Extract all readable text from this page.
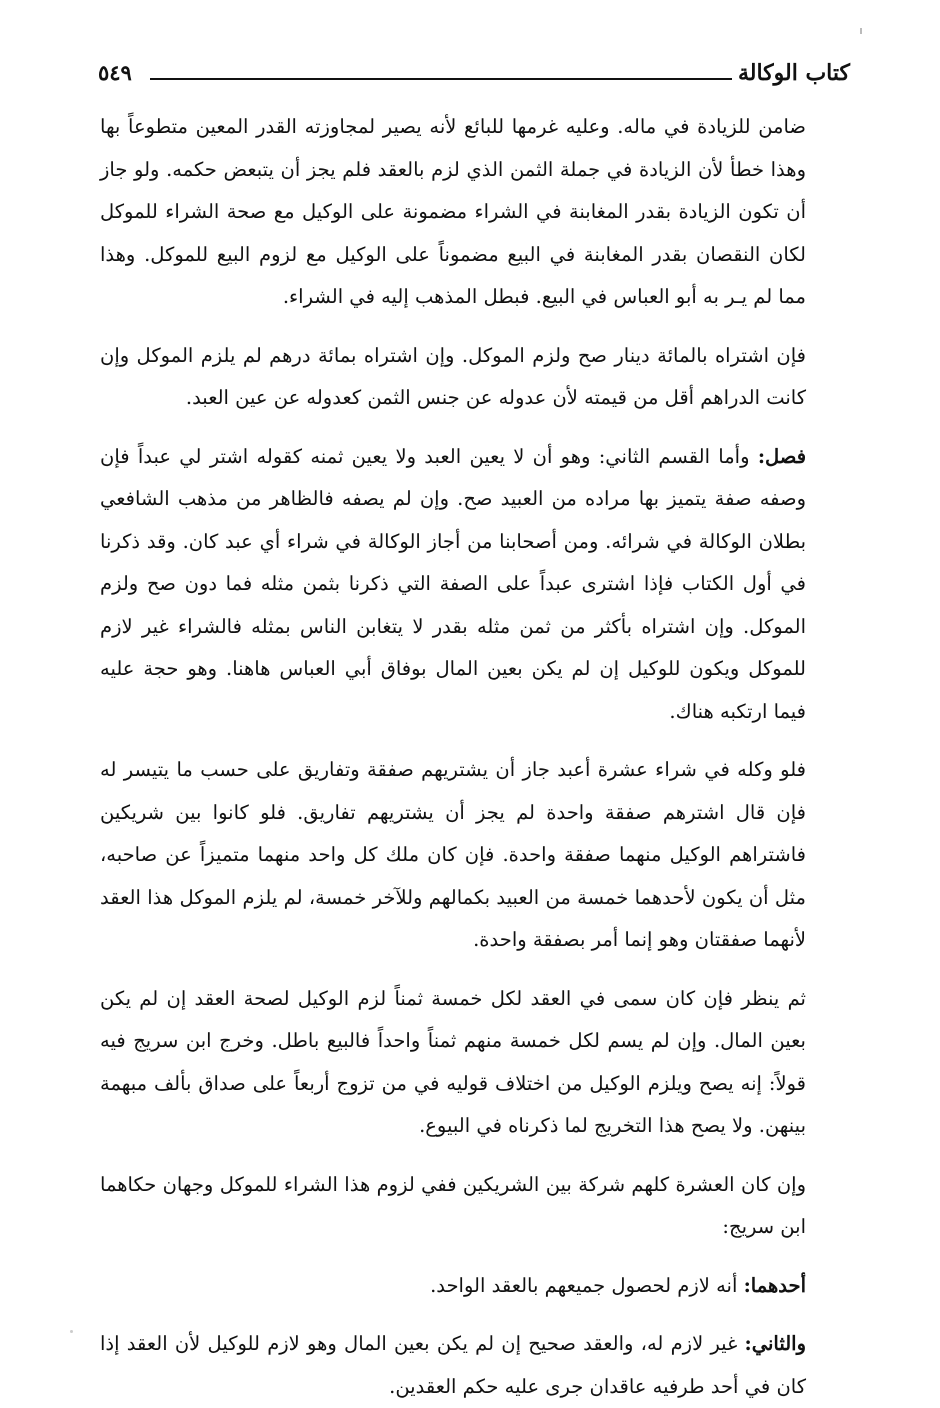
كتاب الوكالة
٥٤٩

ضامن للزيادة في ماله. وعليه غرمها للبائع لأنه يصير لمجاوزته القدر المعين متطوعاً بها وهذا خطأ لأن الزيادة في جملة الثمن الذي لزم بالعقد فلم يجز أن يتبعض حكمه. ولو جاز أن تكون الزيادة بقدر المغابنة في الشراء مضمونة على الوكيل مع صحة الشراء للموكل لكان النقصان بقدر المغابنة في البيع مضموناً على الوكيل مع لزوم البيع للموكل. وهذا مما لم يـر به أبو العباس في البيع. فبطل المذهب إليه في الشراء.

فإن اشتراه بالمائة دينار صح ولزم الموكل. وإن اشتراه بمائة درهم لم يلزم الموكل وإن كانت الدراهم أقل من قيمته لأن عدوله عن جنس الثمن كعدوله عن عين العبد.

فصل: وأما القسم الثاني: وهو أن لا يعين العبد ولا يعين ثمنه كقوله اشتر لي عبداً فإن وصفه صفة يتميز بها مراده من العبيد صح. وإن لم يصفه فالظاهر من مذهب الشافعي بطلان الوكالة في شرائه. ومن أصحابنا من أجاز الوكالة في شراء أي عبد كان. وقد ذكرنا في أول الكتاب فإذا اشترى عبداً على الصفة التي ذكرنا بثمن مثله فما دون صح ولزم الموكل. وإن اشتراه بأكثر من ثمن مثله بقدر لا يتغابن الناس بمثله فالشراء غير لازم للموكل ويكون للوكيل إن لم يكن بعين المال بوفاق أبي العباس هاهنا. وهو حجة عليه فيما ارتكبه هناك.

فلو وكله في شراء عشرة أعبد جاز أن يشتريهم صفقة وتفاريق على حسب ما يتيسر له فإن قال اشترهم صفقة واحدة لم يجز أن يشتريهم تفاريق. فلو كانوا بين شريكين فاشتراهم الوكيل منهما صفقة واحدة. فإن كان ملك كل واحد منهما متميزاً عن صاحبه، مثل أن يكون لأحدهما خمسة من العبيد بكمالهم وللآخر خمسة، لم يلزم الموكل هذا العقد لأنهما صفقتان وهو إنما أمر بصفقة واحدة.

ثم ينظر فإن كان سمى في العقد لكل خمسة ثمناً لزم الوكيل لصحة العقد إن لم يكن بعين المال. وإن لم يسم لكل خمسة منهم ثمناً واحداً فالبيع باطل. وخرج ابن سريج فيه قولاً: إنه يصح ويلزم الوكيل من اختلاف قوليه في من تزوج أربعاً على صداق بألف مبهمة بينهن. ولا يصح هذا التخريج لما ذكرناه في البيوع.

وإن كان العشرة كلهم شركة بين الشريكين ففي لزوم هذا الشراء للموكل وجهان حكاهما ابن سريج:

أحدهما: أنه لازم لحصول جميعهم بالعقد الواحد.

والثاني: غير لازم له، والعقد صحيح إن لم يكن بعين المال وهو لازم للوكيل لأن العقد إذا كان في أحد طرفيه عاقدان جرى عليه حكم العقدين.
